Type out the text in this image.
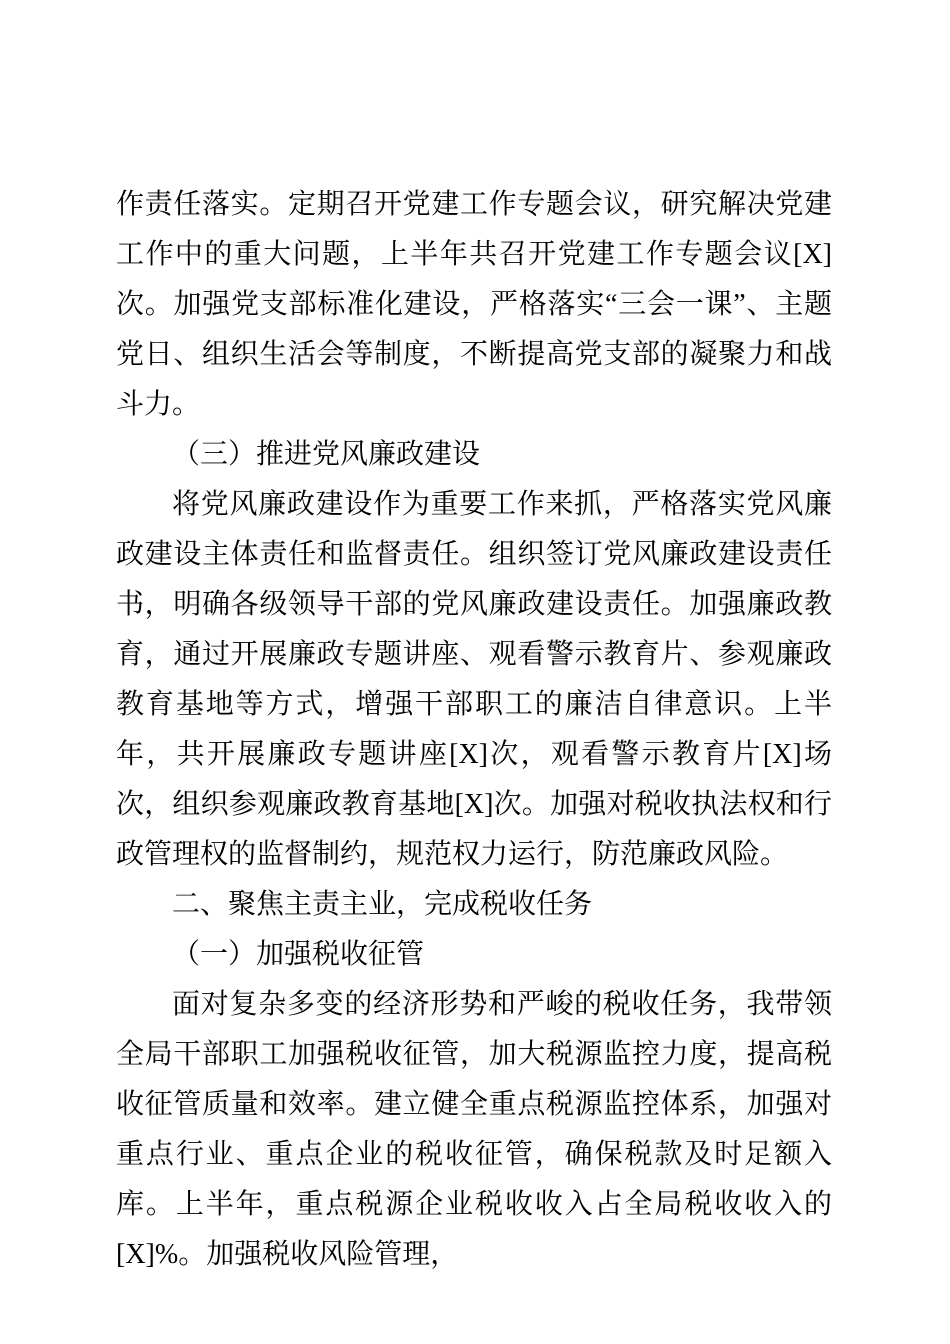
作责任落实。定期召开党建工作专题会议，研究解决党建工作中的重大问题，上半年共召开党建工作专题会议[X]次。加强党支部标准化建设，严格落实“三会一课”、主题党日、组织生活会等制度，不断提高党支部的凝聚力和战斗力。

（三）推进党风廉政建设

将党风廉政建设作为重要工作来抓，严格落实党风廉政建设主体责任和监督责任。组织签订党风廉政建设责任书，明确各级领导干部的党风廉政建设责任。加强廉政教育，通过开展廉政专题讲座、观看警示教育片、参观廉政教育基地等方式，增强干部职工的廉洁自律意识。上半年，共开展廉政专题讲座[X]次，观看警示教育片[X]场次，组织参观廉政教育基地[X]次。加强对税收执法权和行政管理权的监督制约，规范权力运行，防范廉政风险。

二、聚焦主责主业，完成税收任务

（一）加强税收征管

面对复杂多变的经济形势和严峻的税收任务，我带领全局干部职工加强税收征管，加大税源监控力度，提高税收征管质量和效率。建立健全重点税源监控体系，加强对重点行业、重点企业的税收征管，确保税款及时足额入库。上半年，重点税源企业税收收入占全局税收收入的[X]%。加强税收风险管理，
